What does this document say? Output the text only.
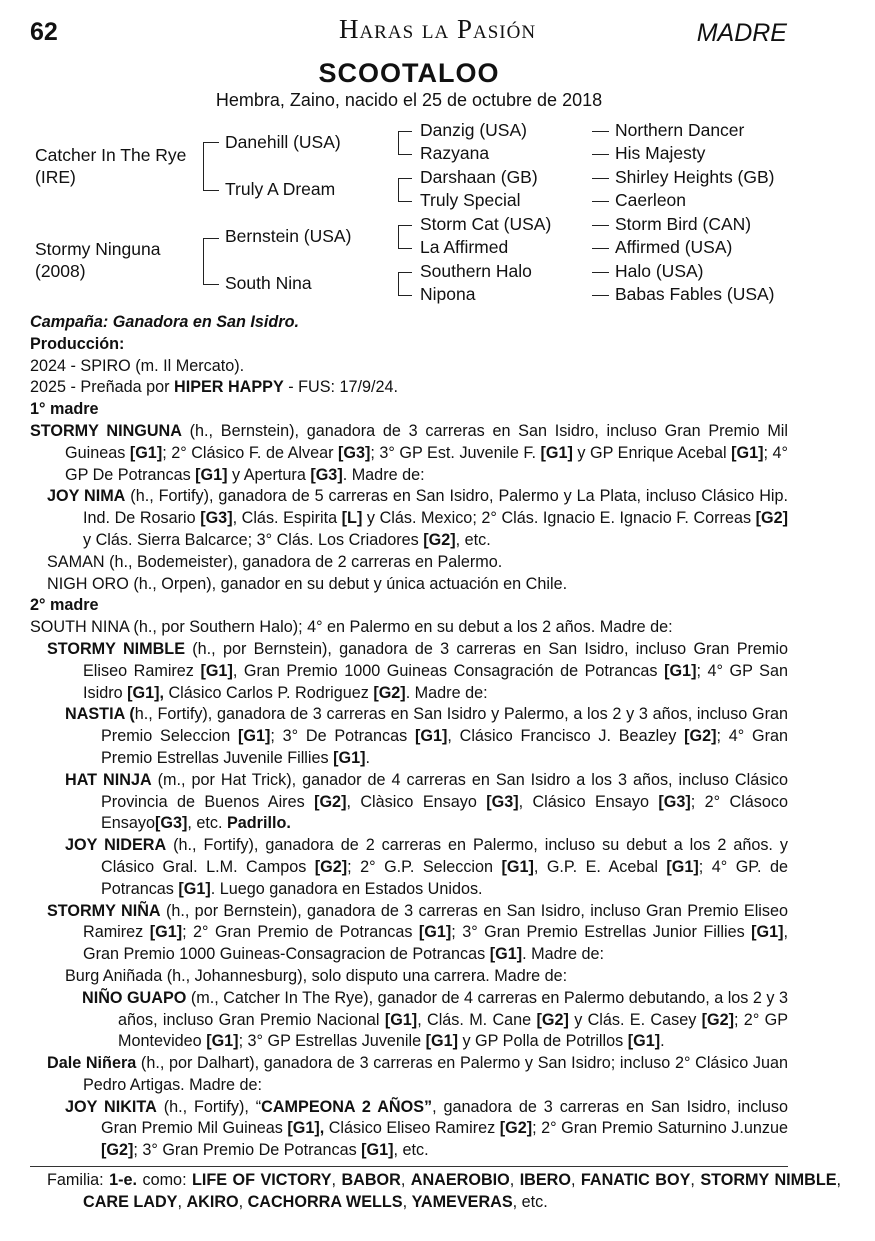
62	Haras la Pasión	MADRE
SCOOTALOO
Hembra, Zaino, nacido el 25 de octubre de 2018
Catcher In The Rye
(IRE)
Stormy Ninguna
(2008)
Danehill (USA)
Truly A Dream
Bernstein (USA)
South Nina
Danzig (USA)
Razyana
Darshaan (GB)
Truly Special
Storm Cat (USA)
La Affirmed
Southern Halo
Nipona
Northern Dancer
His Majesty
Shirley Heights (GB)
Caerleon
Storm Bird (CAN)
Affirmed (USA)
Halo (USA)
Babas Fables (USA)

Campaña: Ganadora en San Isidro.

Producción:

2024 - SPIRO (m. Il Mercato).

2025 - Preñada por HIPER HAPPY - FUS: 17/9/24.

1° madre

STORMY NINGUNA (h., Bernstein), ganadora de 3 carreras en San Isidro, incluso Gran Premio Mil Guineas [G1]; 2° Clásico F. de Alvear [G3]; 3° GP Est. Juvenile F. [G1] y GP Enrique Acebal [G1]; 4° GP De Potrancas [G1] y Apertura [G3]. Madre de:

JOY NIMA (h., Fortify), ganadora de 5 carreras en San Isidro, Palermo y La Plata, incluso Clásico Hip. Ind. De Rosario [G3], Clás. Espirita [L] y Clás. Mexico; 2° Clás. Ignacio E. Ignacio F. Correas [G2] y Clás. Sierra Balcarce; 3° Clás. Los Criadores [G2], etc.

SAMAN (h., Bodemeister), ganadora de 2 carreras en Palermo.

NIGH ORO (h., Orpen), ganador en su debut y única actuación en Chile.

2° madre

SOUTH NINA (h., por Southern Halo); 4° en Palermo en su debut a los 2 años. Madre de:

STORMY NIMBLE (h., por Bernstein), ganadora de 3 carreras en San Isidro, incluso Gran Premio Eliseo Ramirez [G1], Gran Premio 1000 Guineas Consagración de Potrancas [G1]; 4° GP San Isidro [G1], Clásico Carlos P. Rodriguez [G2]. Madre de:

NASTIA (h., Fortify), ganadora de 3 carreras en San Isidro y Palermo, a los 2 y 3 años, incluso Gran Premio Seleccion [G1]; 3° De Potrancas [G1], Clásico Francisco J. Beazley [G2]; 4° Gran Premio Estrellas Juvenile Fillies [G1].

HAT NINJA (m., por Hat Trick), ganador de 4 carreras en San Isidro a los 3 años, incluso Clásico Provincia de Buenos Aires [G2], Clàsico Ensayo [G3], Clásico Ensayo [G3]; 2° Clásoco Ensayo[G3], etc. Padrillo.

JOY NIDERA (h., Fortify), ganadora de 2 carreras en Palermo, incluso su debut a los 2 años. y Clásico Gral. L.M. Campos [G2]; 2° G.P. Seleccion [G1], G.P. E. Acebal [G1]; 4° GP. de Potrancas [G1]. Luego ganadora en Estados Unidos.

STORMY NIÑA (h., por Bernstein), ganadora de 3 carreras en San Isidro, incluso Gran Premio Eliseo Ramirez [G1]; 2° Gran Premio de Potrancas [G1]; 3° Gran Premio Estrellas Junior Fillies [G1], Gran Premio 1000 Guineas-Consagracion de Potrancas [G1]. Madre de:

Burg Aniñada (h., Johannesburg), solo disputo una carrera. Madre de:

NIÑO GUAPO (m., Catcher In The Rye), ganador de 4 carreras en Palermo debutando, a los 2 y 3 años, incluso Gran Premio Nacional [G1], Clás. M. Cane [G2] y Clás. E. Casey [G2]; 2° GP Montevideo [G1]; 3° GP Estrellas Juvenile [G1] y GP Polla de Potrillos [G1].

Dale Niñera (h., por Dalhart), ganadora de 3 carreras en Palermo y San Isidro; incluso 2° Clásico Juan Pedro Artigas. Madre de:

JOY NIKITA (h., Fortify), “CAMPEONA 2 AÑOS”, ganadora de 3 carreras en San Isidro, incluso Gran Premio Mil Guineas [G1], Clásico Eliseo Ramirez [G2]; 2° Gran Premio Saturnino J.unzue [G2]; 3° Gran Premio De Potrancas [G1], etc.

Familia: 1-e. como: LIFE OF VICTORY, BABOR, ANAEROBIO, IBERO, FANATIC BOY, STORMY NIMBLE, CARE LADY, AKIRO, CACHORRA WELLS, YAMEVERAS, etc.
